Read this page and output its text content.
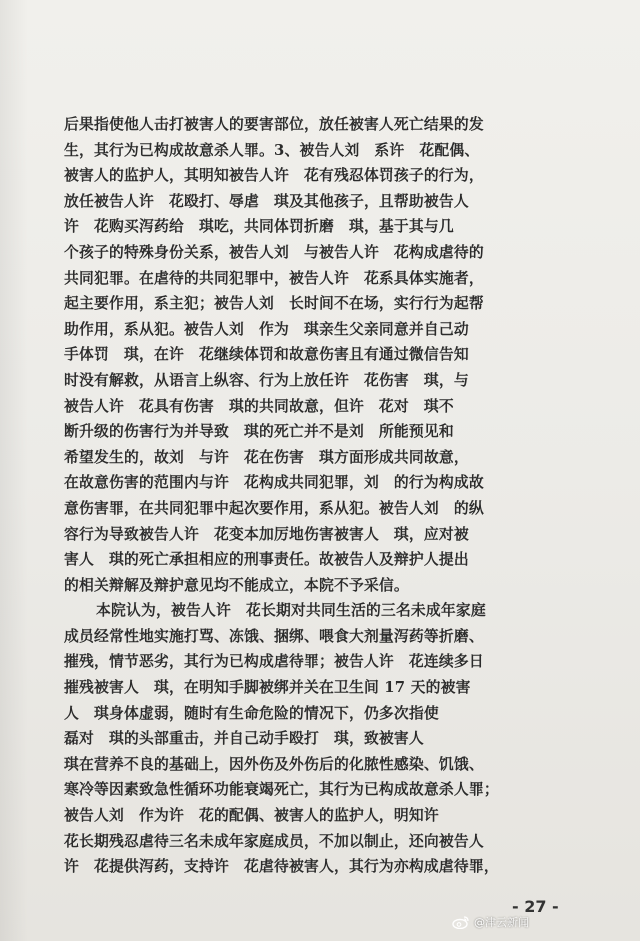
后果指使他人击打被害人的要害部位，放任被害人死亡结果的发
生，其行为已构成故意杀人罪。3、被告人刘　系许　花配偶、
被害人的监护人，其明知被告人许　花有残忍体罚孩子的行为，
放任被告人许　花殴打、辱虐　琪及其他孩子，且帮助被告人
许　花购买泻药给　琪吃，共同体罚折磨　琪，基于其与几
个孩子的特殊身份关系，被告人刘　与被告人许　花构成虐待的
共同犯罪。在虐待的共同犯罪中，被告人许　花系具体实施者，
起主要作用，系主犯；被告人刘　长时间不在场，实行行为起帮
助作用，系从犯。被告人刘　作为　琪亲生父亲同意并自己动
手体罚　琪，在许　花继续体罚和故意伤害且有通过微信告知
时没有解救，从语言上纵容、行为上放任许　花伤害　琪，与
被告人许　花具有伤害　琪的共同故意，但许　花对　琪不
断升级的伤害行为并导致　琪的死亡并不是刘　所能预见和
希望发生的，故刘　与许　花在伤害　琪方面形成共同故意，
在故意伤害的范围内与许　花构成共同犯罪，刘　的行为构成故
意伤害罪，在共同犯罪中起次要作用，系从犯。被告人刘　的纵
容行为导致被告人许　花变本加厉地伤害被害人　琪，应对被
害人　琪的死亡承担相应的刑事责任。故被告人及辩护人提出
的相关辩解及辩护意见均不能成立，本院不予采信。
本院认为，被告人许　花长期对共同生活的三名未成年家庭
成员经常性地实施打骂、冻饿、捆绑、喂食大剂量泻药等折磨、
摧残，情节恶劣，其行为已构成虐待罪；被告人许　花连续多日
摧残被害人　琪，在明知手脚被绑并关在卫生间 17 天的被害
人　琪身体虚弱，随时有生命危险的情况下，仍多次指使
磊对　琪的头部重击，并自己动手殴打　琪，致被害人
琪在营养不良的基础上，因外伤及外伤后的化脓性感染、饥饿、
寒冷等因素致急性循环功能衰竭死亡，其行为已构成故意杀人罪；
被告人刘　作为许　花的配偶、被害人的监护人，明知许
花长期残忍虐待三名未成年家庭成员，不加以制止，还向被告人
许　花提供泻药，支持许　花虐待被害人，其行为亦构成虐待罪，
- 27 -
@津云新闻
